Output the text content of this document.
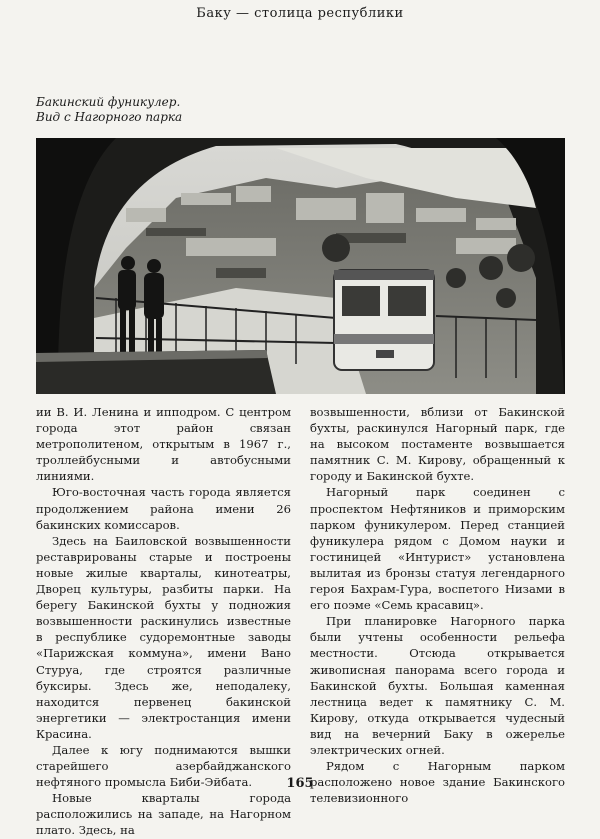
Баку — столица республики
Бакинский фуникулер.
Вид с Нагорного парка

ии В. И. Ленина и ипподром. С центром города этот район связан метрополитеном, открытым в 1967 г., троллейбусными и автобусными линиями.

Юго-восточная часть города является продолжением района имени 26 бакинских комиссаров.

Здесь на Баиловской возвышенности реставрированы старые и построены новые жилые кварталы, кинотеатры, Дворец культуры, разбиты парки. На берегу Бакинской бухты у подножия возвышенности раскинулись известные в республике судоремонтные заводы «Парижская коммуна», имени Вано Стуруа, где строятся различные буксиры. Здесь же, неподалеку, находится первенец бакинской энергетики — электростанция имени Красина.

Далее к югу поднимаются вышки старейшего азербайджанского нефтяного промысла Биби-Эйбата.

Новые кварталы города расположились на западе, на Нагорном плато. Здесь, на

возвышенности, вблизи от Бакинской бухты, раскинулся Нагорный парк, где на высоком постаменте возвышается памятник С. М. Кирову, обращенный к городу и Бакинской бухте.

Нагорный парк соединен с проспектом Нефтяников и приморским парком фуникулером. Перед станцией фуникулера рядом с Домом науки и гостиницей «Интурист» установлена вылитая из бронзы статуя легендарного героя Бахрам-Гура, воспетого Низами в его поэме «Семь красавиц».

При планировке Нагорного парка были учтены особенности рельефа местности. Отсюда открывается живописная панорама всего города и Бакинской бухты. Большая каменная лестница ведет к памятнику С. М. Кирову, откуда открывается чудесный вид на вечерний Баку в ожерелье электрических огней.

Рядом с Нагорным парком расположено новое здание Бакинского телевизионного

165
